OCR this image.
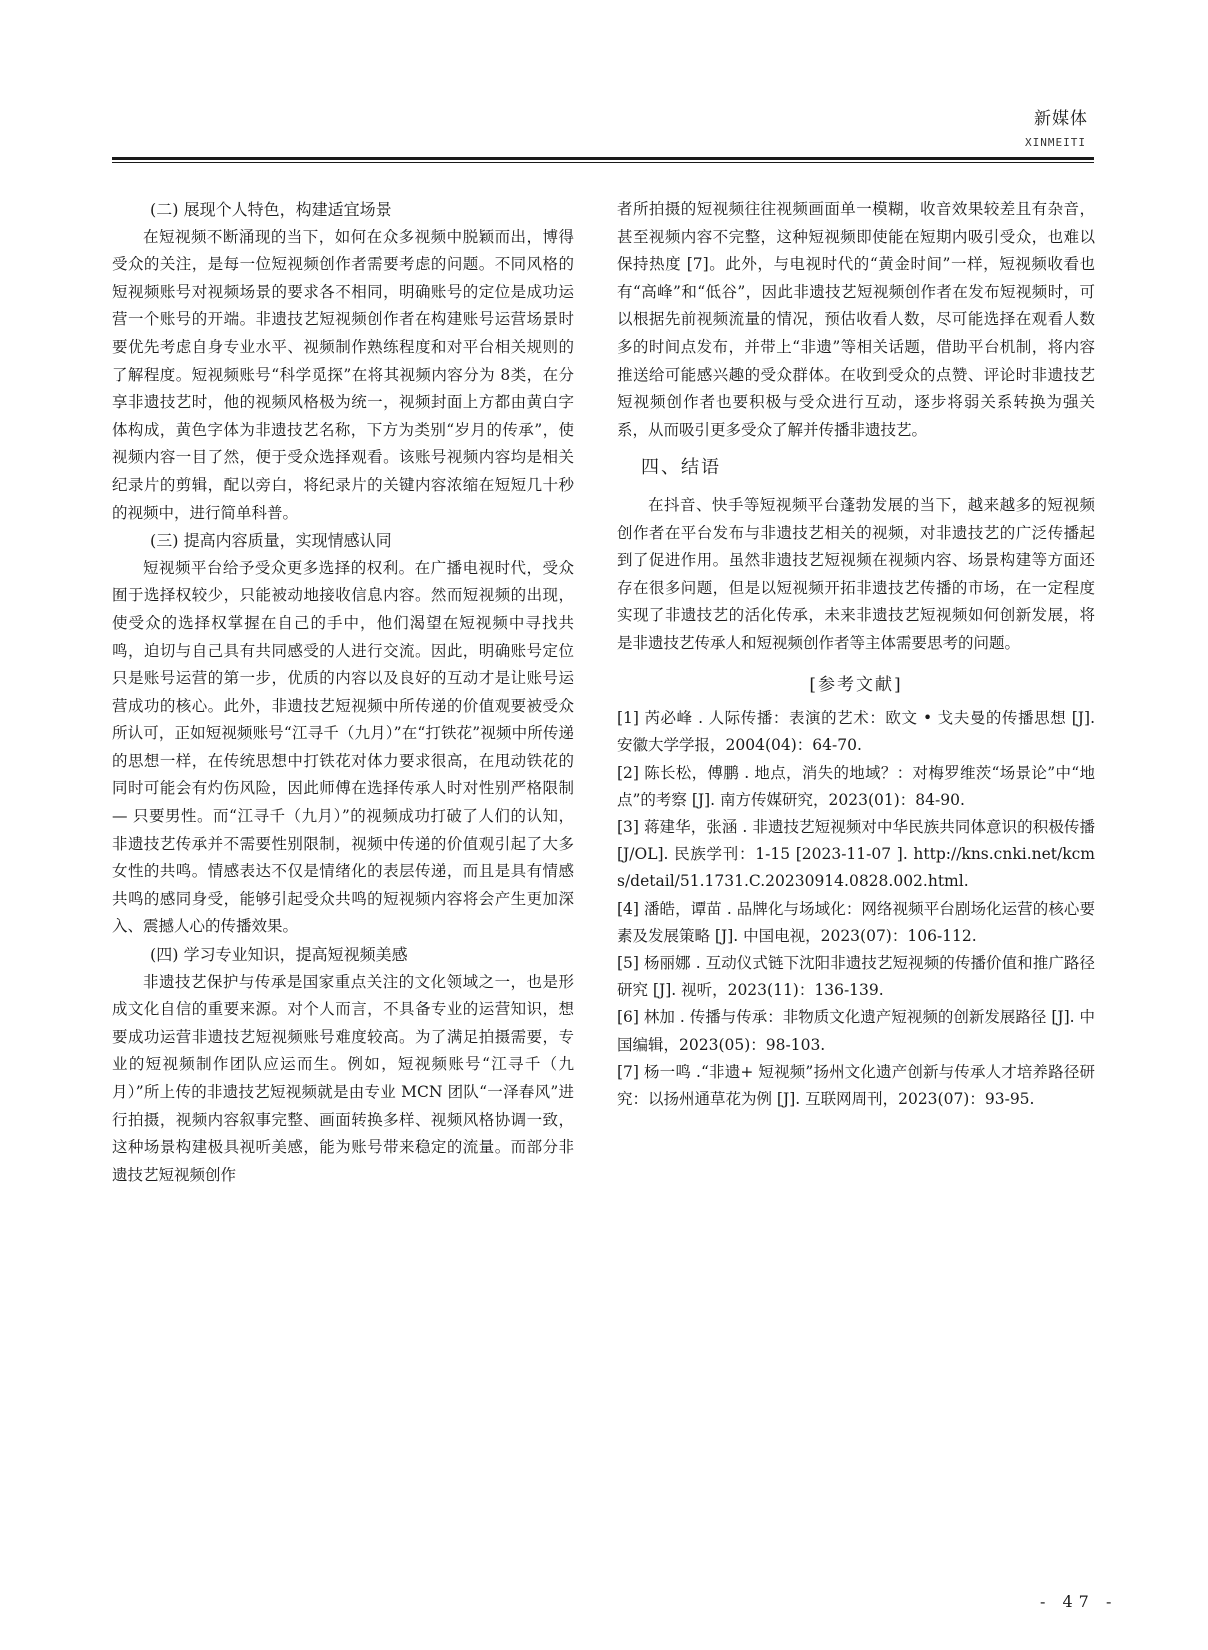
新媒体
XINMEITI
(二) 展现个人特色，构建适宜场景

在短视频不断涌现的当下，如何在众多视频中脱颖而出，博得受众的关注，是每一位短视频创作者需要考虑的问题。不同风格的短视频账号对视频场景的要求各不相同，明确账号的定位是成功运营一个账号的开端。非遗技艺短视频创作者在构建账号运营场景时要优先考虑自身专业水平、视频制作熟练程度和对平台相关规则的了解程度。短视频账号“科学觅探”在将其视频内容分为 8类，在分享非遗技艺时，他的视频风格极为统一，视频封面上方都由黄白字体构成，黄色字体为非遗技艺名称，下方为类别“岁月的传承”，使视频内容一目了然，便于受众选择观看。该账号视频内容均是相关纪录片的剪辑，配以旁白，将纪录片的关键内容浓缩在短短几十秒的视频中，进行简单科普。

(三) 提高内容质量，实现情感认同

短视频平台给予受众更多选择的权利。在广播电视时代，受众囿于选择权较少，只能被动地接收信息内容。然而短视频的出现，使受众的选择权掌握在自己的手中，他们渴望在短视频中寻找共鸣，迫切与自己具有共同感受的人进行交流。因此，明确账号定位只是账号运营的第一步，优质的内容以及良好的互动才是让账号运营成功的核心。此外，非遗技艺短视频中所传递的价值观要被受众所认可，正如短视频账号“江寻千（九月）”在“打铁花”视频中所传递的思想一样，在传统思想中打铁花对体力要求很高，在甩动铁花的同时可能会有灼伤风险，因此师傅在选择传承人时对性别严格限制 — 只要男性。而“江寻千（九月）”的视频成功打破了人们的认知，非遗技艺传承并不需要性别限制，视频中传递的价值观引起了大多女性的共鸣。情感表达不仅是情绪化的表层传递，而且是具有情感共鸣的感同身受，能够引起受众共鸣的短视频内容将会产生更加深入、震撼人心的传播效果。

(四) 学习专业知识，提高短视频美感

非遗技艺保护与传承是国家重点关注的文化领域之一，也是形成文化自信的重要来源。对个人而言，不具备专业的运营知识，想要成功运营非遗技艺短视频账号难度较高。为了满足拍摄需要，专业的短视频制作团队应运而生。例如，短视频账号“江寻千（九月）”所上传的非遗技艺短视频就是由专业 MCN 团队“一泽春风”进行拍摄，视频内容叙事完整、画面转换多样、视频风格协调一致，这种场景构建极具视听美感，能为账号带来稳定的流量。而部分非遗技艺短视频创作

者所拍摄的短视频往往视频画面单一模糊，收音效果较差且有杂音，甚至视频内容不完整，这种短视频即使能在短期内吸引受众，也难以保持热度 [7]。此外，与电视时代的“黄金时间”一样，短视频收看也有“高峰”和“低谷”，因此非遗技艺短视频创作者在发布短视频时，可以根据先前视频流量的情况，预估收看人数，尽可能选择在观看人数多的时间点发布，并带上“非遗”等相关话题，借助平台机制，将内容推送给可能感兴趣的受众群体。在收到受众的点赞、评论时非遗技艺短视频创作者也要积极与受众进行互动，逐步将弱关系转换为强关系，从而吸引更多受众了解并传播非遗技艺。

四、结语

在抖音、快手等短视频平台蓬勃发展的当下，越来越多的短视频创作者在平台发布与非遗技艺相关的视频，对非遗技艺的广泛传播起到了促进作用。虽然非遗技艺短视频在视频内容、场景构建等方面还存在很多问题，但是以短视频开拓非遗技艺传播的市场，在一定程度实现了非遗技艺的活化传承，未来非遗技艺短视频如何创新发展，将是非遗技艺传承人和短视频创作者等主体需要思考的问题。

[参考文献]
[1] 芮必峰 . 人际传播：表演的艺术：欧文 • 戈夫曼的传播思想 [J]. 安徽大学学报，2004(04)：64-70.
[2] 陈长松，傅鹏 . 地点，消失的地域？：对梅罗维茨“场景论”中“地点”的考察 [J]. 南方传媒研究，2023(01)：84-90.
[3] 蒋建华，张涵 . 非遗技艺短视频对中华民族共同体意识的积极传播 [J/OL]. 民族学刊：1-15 [2023-11-07 ]. http://kns.cnki.net/kcms/detail/51.1731.C.20230914.0828.002.html.
[4] 潘皓，谭苗 . 品牌化与场域化：网络视频平台剧场化运营的核心要素及发展策略 [J]. 中国电视，2023(07)：106-112.
[5] 杨丽娜 . 互动仪式链下沈阳非遗技艺短视频的传播价值和推广路径研究 [J]. 视听，2023(11)：136-139.
[6] 林加 . 传播与传承：非物质文化遗产短视频的创新发展路径 [J]. 中国编辑，2023(05)：98-103.
[7] 杨一鸣 .“非遗+ 短视频”扬州文化遗产创新与传承人才培养路径研究：以扬州通草花为例 [J]. 互联网周刊，2023(07)：93-95.
- 47 -
